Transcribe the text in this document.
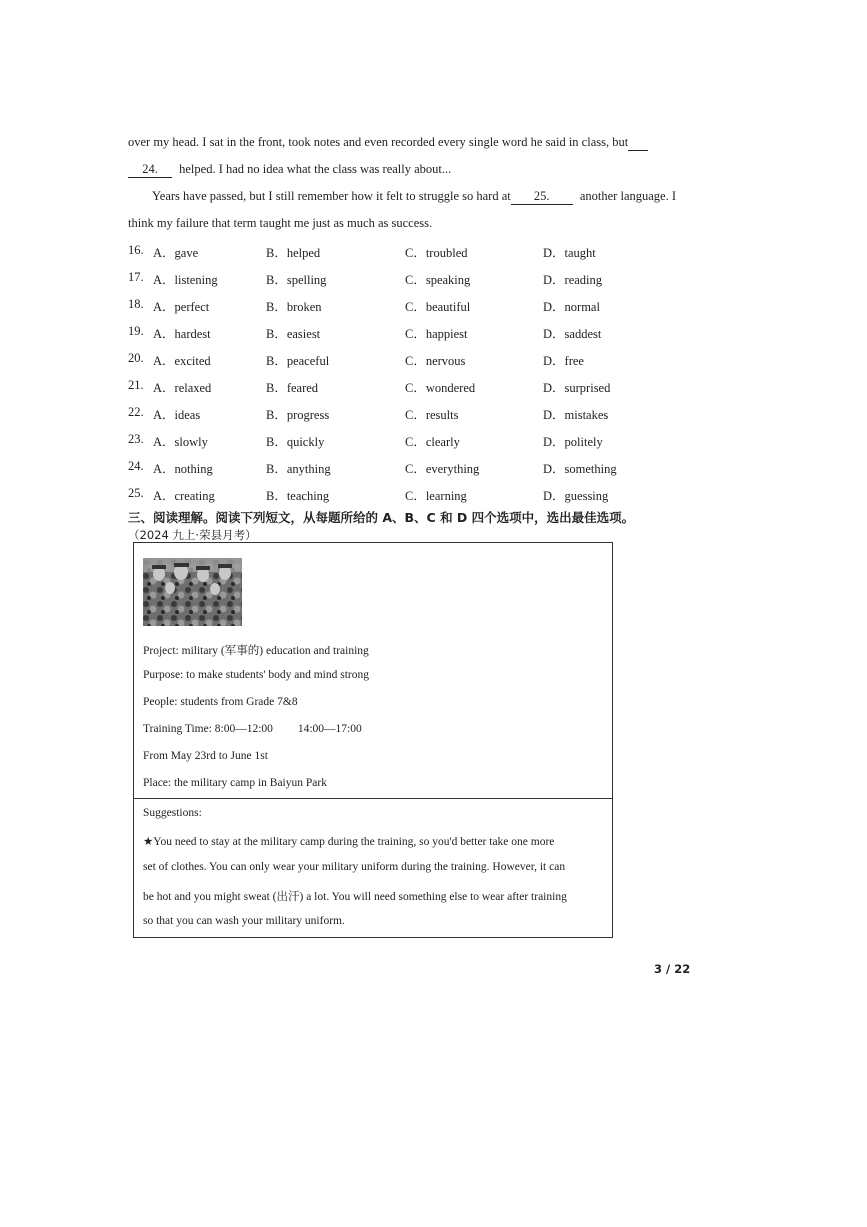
over my head. I sat in the front, took notes and even recorded every single word he said in class, but
24. helped. I had no idea what the class was really about...
Years have passed, but I still remember how it felt to struggle so hard at 25. another language. I
think my failure that term taught me just as much as success.
16. A．gave	B．helped	C．troubled	D．taught
17. A．listening	B．spelling	C．speaking	D．reading
18. A．perfect	B．broken	C．beautiful	D．normal
19. A．hardest	B．easiest	C．happiest	D．saddest
20. A．excited	B．peaceful	C．nervous	D．free
21. A．relaxed	B．feared	C．wondered	D．surprised
22. A．ideas	B．progress	C．results	D．mistakes
23. A．slowly	B．quickly	C．clearly	D．politely
24. A．nothing	B．anything	C．everything	D．something
25. A．creating	B．teaching	C．learning	D．guessing
三、阅读理解。阅读下列短文，从每题所给的 A、B、C 和 D 四个选项中，选出最佳选项。
（2024 九上·荣县月考）
Project: military (军事的) education and training
Purpose: to make students' body and mind strong
People: students from Grade 7&8
Training Time: 8:00—12:00 14:00—17:00
From May 23rd to June 1st
Place: the military camp in Baiyun Park
Suggestions:
★You need to stay at the military camp during the training, so you'd better take one more
set of clothes. You can only wear your military uniform during the training. However, it can
be hot and you might sweat (出汗) a lot. You will need something else to wear after training
so that you can wash your military uniform.
3 / 22
